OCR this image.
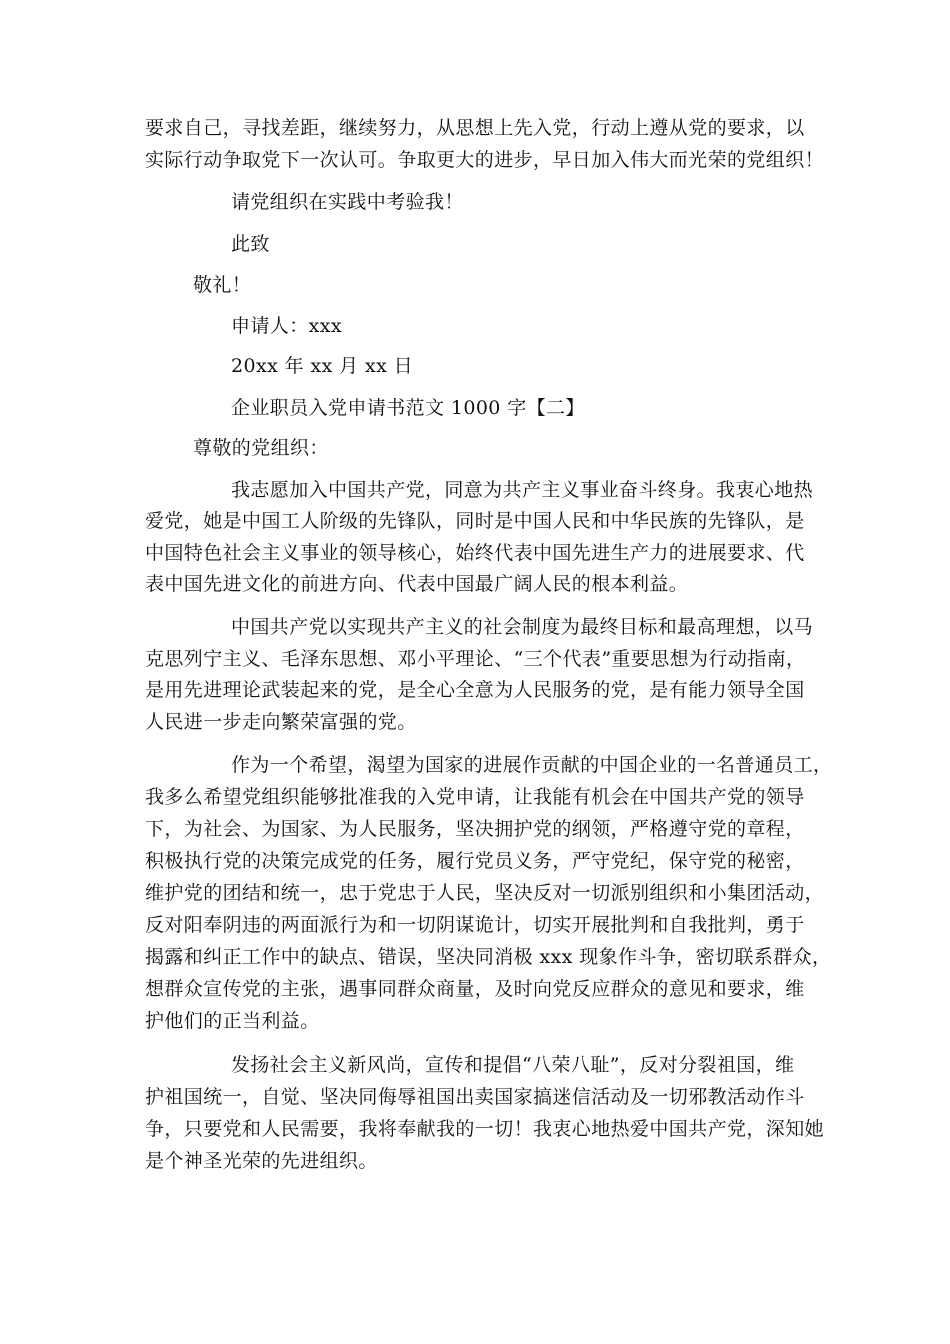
要求自己，寻找差距，继续努力，从思想上先入党，行动上遵从党的要求，以
实际行动争取党下一次认可。争取更大的进步，早日加入伟大而光荣的党组织！
请党组织在实践中考验我！
此致
敬礼！
申请人：xxx
20xx 年 xx 月 xx 日
企业职员入党申请书范文 1000 字【二】
尊敬的党组织：
我志愿加入中国共产党，同意为共产主义事业奋斗终身。我衷心地热
爱党，她是中国工人阶级的先锋队，同时是中国人民和中华民族的先锋队，是
中国特色社会主义事业的领导核心，始终代表中国先进生产力的进展要求、代
表中国先进文化的前进方向、代表中国最广阔人民的根本利益。
中国共产党以实现共产主义的社会制度为最终目标和最高理想，以马
克思列宁主义、毛泽东思想、邓小平理论、“三个代表”重要思想为行动指南，
是用先进理论武装起来的党，是全心全意为人民服务的党，是有能力领导全国
人民进一步走向繁荣富强的党。
作为一个希望，渴望为国家的进展作贡献的中国企业的一名普通员工，
我多么希望党组织能够批准我的入党申请，让我能有机会在中国共产党的领导
下，为社会、为国家、为人民服务，坚决拥护党的纲领，严格遵守党的章程，
积极执行党的决策完成党的任务，履行党员义务，严守党纪，保守党的秘密，
维护党的团结和统一，忠于党忠于人民，坚决反对一切派别组织和小集团活动，
反对阳奉阴违的两面派行为和一切阴谋诡计，切实开展批判和自我批判，勇于
揭露和纠正工作中的缺点、错误，坚决同消极 xxx 现象作斗争，密切联系群众，
想群众宣传党的主张，遇事同群众商量，及时向党反应群众的意见和要求，维
护他们的正当利益。
发扬社会主义新风尚，宣传和提倡“八荣八耻”，反对分裂祖国，维
护祖国统一，自觉、坚决同侮辱祖国出卖国家搞迷信活动及一切邪教活动作斗
争，只要党和人民需要，我将奉献我的一切！我衷心地热爱中国共产党，深知她
是个神圣光荣的先进组织。
